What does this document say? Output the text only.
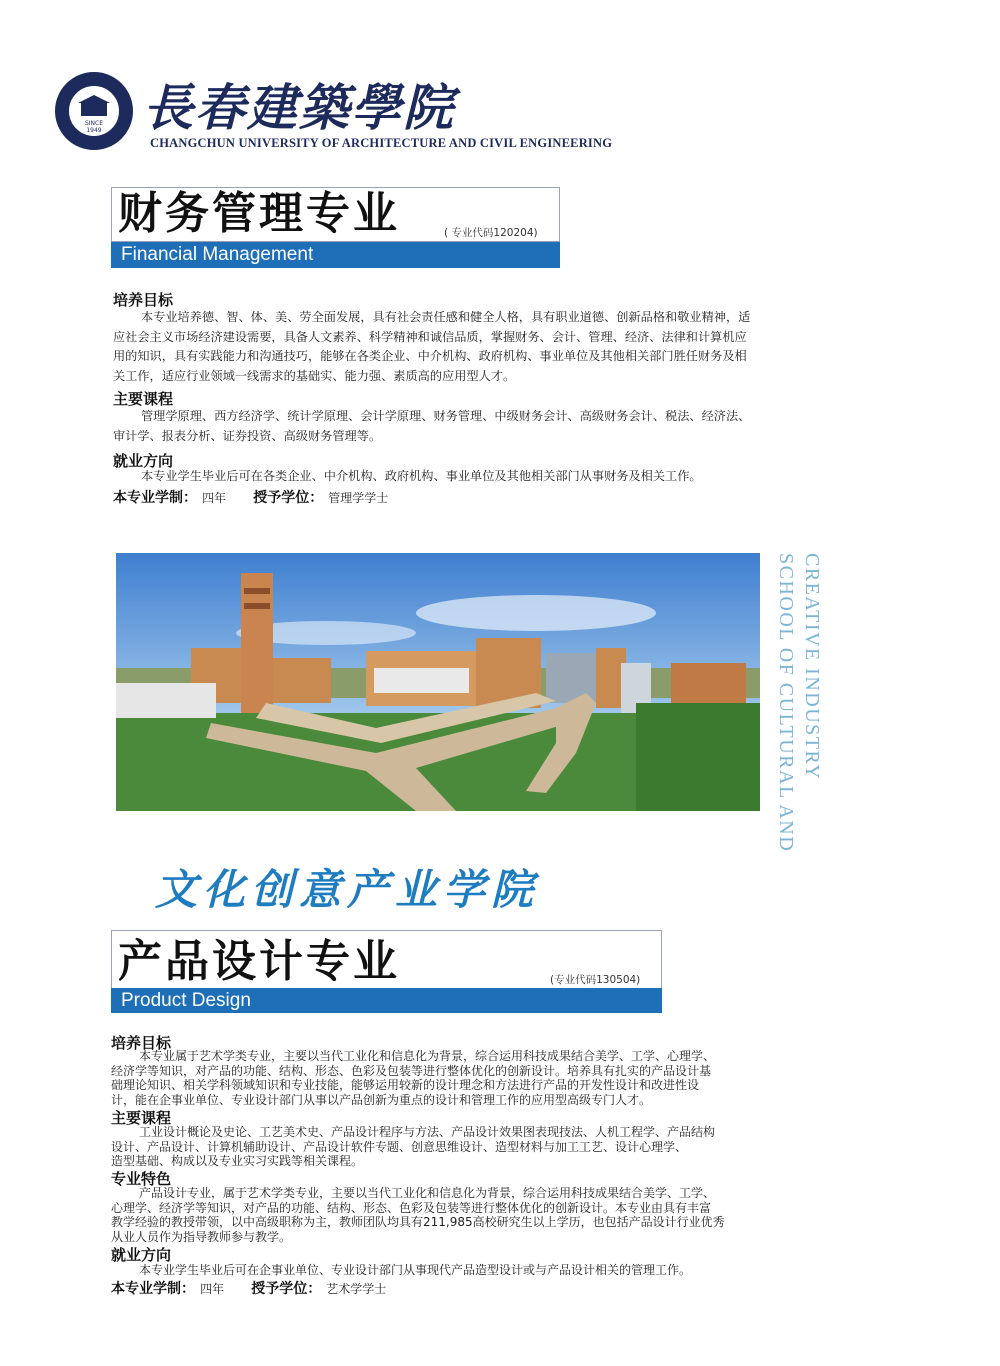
SINCE 1949 長春建築學院
CHANGCHUN UNIVERSITY OF ARCHITECTURE AND CIVIL ENGINEERING
财务管理专业	( 专业代码120204)
Financial Management
培养目标
本专业培养德、智、体、美、劳全面发展，具有社会责任感和健全人格，具有职业道德、创新品格和敬业精神，适
应社会主义市场经济建设需要，具备人文素养、科学精神和诚信品质，掌握财务、会计、管理、经济、法律和计算机应
用的知识，具有实践能力和沟通技巧，能够在各类企业、中介机构、政府机构、事业单位及其他相关部门胜任财务及相
关工作，适应行业领域一线需求的基础实、能力强、素质高的应用型人才。
主要课程
管理学原理、西方经济学、统计学原理、会计学原理、财务管理、中级财务会计、高级财务会计、税法、经济法、
审计学、报表分析、证券投资、高级财务管理等。
就业方向
本专业学生毕业后可在各类企业、中介机构、政府机构、事业单位及其他相关部门从事财务及相关工作。
本专业学制： 四年 授予学位： 管理学学士
SCHOOL OF CULTURAL AND CREATIVE INDUSTRY
文化创意产业学院
产品设计专业	(专业代码130504)
Product Design
培养目标
本专业属于艺术学类专业，主要以当代工业化和信息化为背景，综合运用科技成果结合美学、工学、心理学、
经济学等知识，对产品的功能、结构、形态、色彩及包装等进行整体优化的创新设计。培养具有扎实的产品设计基
础理论知识、相关学科领域知识和专业技能，能够运用较新的设计理念和方法进行产品的开发性设计和改进性设
计，能在企事业单位、专业设计部门从事以产品创新为重点的设计和管理工作的应用型高级专门人才。
主要课程
工业设计概论及史论、工艺美术史、产品设计程序与方法、产品设计效果图表现技法、人机工程学、产品结构
设计、产品设计、计算机辅助设计、产品设计软件专题、创意思维设计、造型材料与加工工艺、设计心理学、
造型基础、构成以及专业实习实践等相关课程。
专业特色
产品设计专业，属于艺术学类专业，主要以当代工业化和信息化为背景，综合运用科技成果结合美学、工学、
心理学、经济学等知识，对产品的功能、结构、形态、色彩及包装等进行整体优化的创新设计。本专业由具有丰富
教学经验的教授带领，以中高级职称为主，教师团队均具有211,985高校研究生以上学历，也包括产品设计行业优秀
从业人员作为指导教师参与教学。
就业方向
本专业学生毕业后可在企事业单位、专业设计部门从事现代产品造型设计或与产品设计相关的管理工作。
本专业学制： 四年 授予学位： 艺术学学士
